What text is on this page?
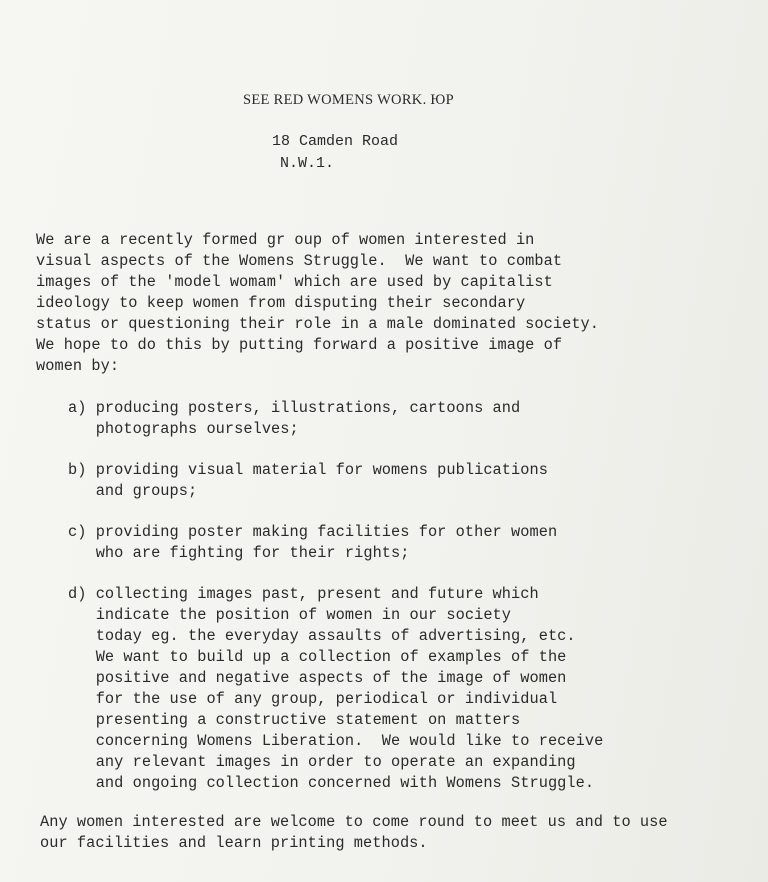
SEE RED WOMENS WORK. ЮP
18 Camden Road
N.W.1.
We are a recently formed gr oup of women interested in
visual aspects of the Womens Struggle.  We want to combat
images of the 'model womam' which are used by capitalist
ideology to keep women from disputing their secondary
status or questioning their role in a male dominated society.
We hope to do this by putting forward a positive image of
women by:
a) producing posters, illustrations, cartoons and
photographs ourselves;
b) providing visual material for womens publications
and groups;
c) providing poster making facilities for other women
who are fighting for their rights;
d) collecting images past, present and future which
indicate the position of women in our society
today eg. the everyday assaults of advertising, etc.
We want to build up a collection of examples of the
positive and negative aspects of the image of women
for the use of any group, periodical or individual
presenting a constructive statement on matters
concerning Womens Liberation.  We would like to receive
any relevant images in order to operate an expanding
and ongoing collection concerned with Womens Struggle.
Any women interested are welcome to come round to meet us and to use
our facilities and learn printing methods.
